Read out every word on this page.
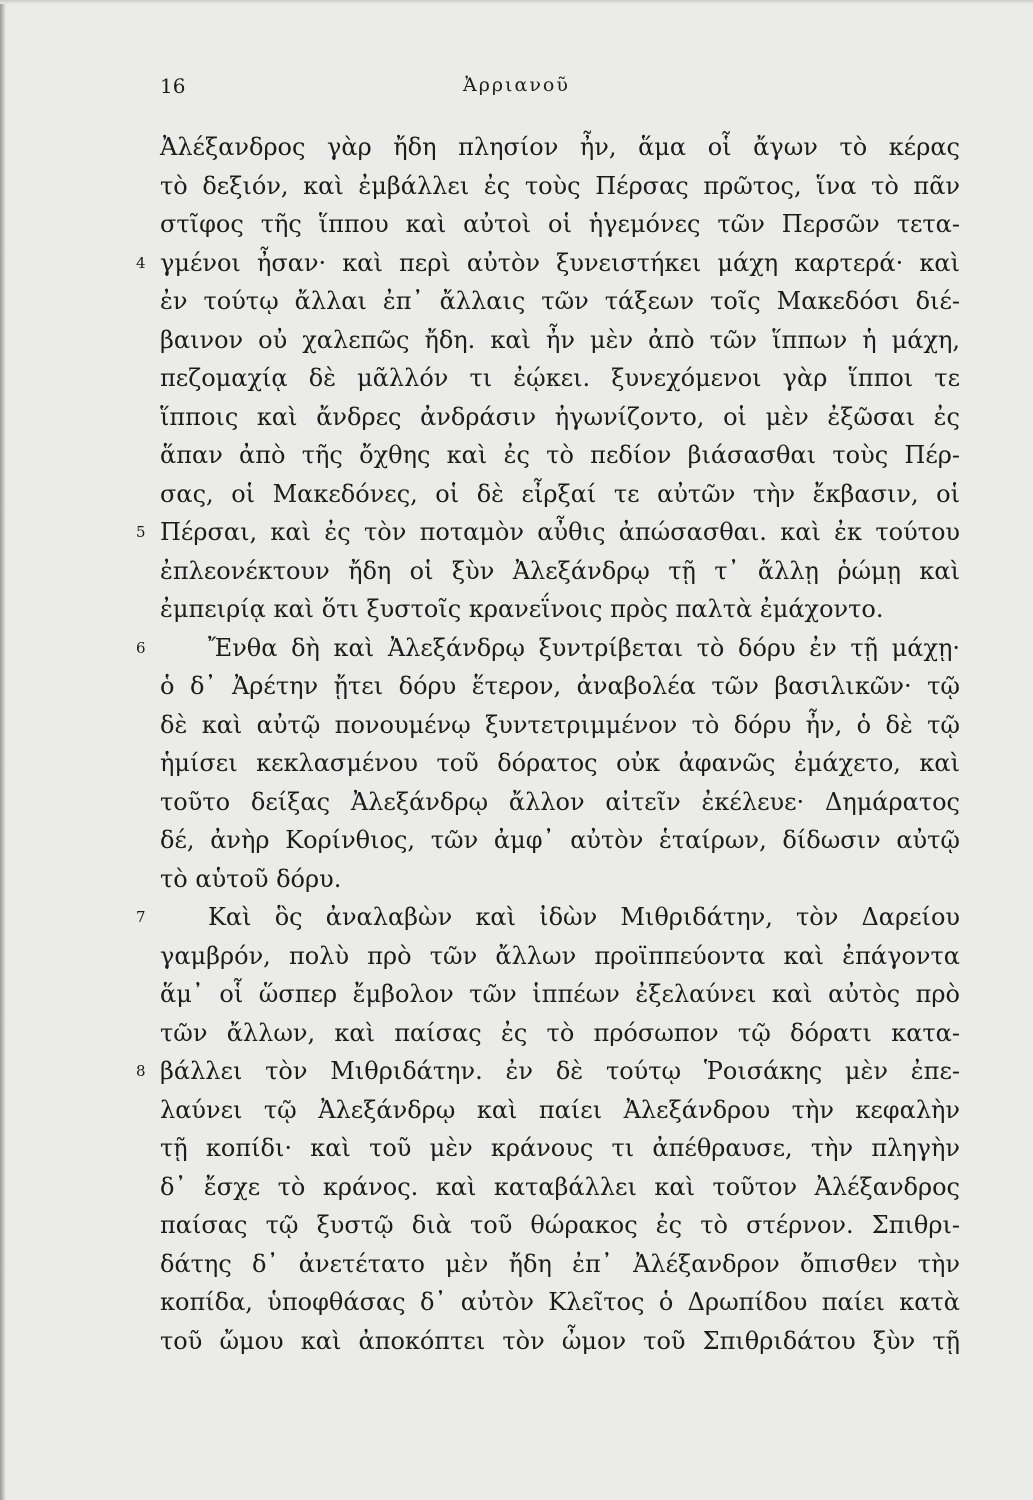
16	Ἀρριανοῦ
Ἀλέξανδρος γὰρ ἤδη πλησίον ἦν, ἅμα οἷ ἄγων τὸ κέρας
τὸ δεξιόν, καὶ ἐμβάλλει ἐς τοὺς Πέρσας πρῶτος, ἵνα τὸ πᾶν
στῖφος τῆς ἵππου καὶ αὐτοὶ οἱ ἡγεμόνες τῶν Περσῶν τετα-
4 γμένοι ἦσαν· καὶ περὶ αὐτὸν ξυνειστήκει μάχη καρτερά· καὶ
ἐν τούτῳ ἄλλαι ἐπ᾽ ἄλλαις τῶν τάξεων τοῖς Μακεδόσι διέ-
βαινον οὐ χαλεπῶς ἤδη. καὶ ἦν μὲν ἀπὸ τῶν ἵππων ἡ μάχη,
πεζομαχίᾳ δὲ μᾶλλόν τι ἐῴκει. ξυνεχόμενοι γὰρ ἵπποι τε
ἵπποις καὶ ἄνδρες ἀνδράσιν ἠγωνίζοντο, οἱ μὲν ἐξῶσαι ἐς
ἅπαν ἀπὸ τῆς ὄχθης καὶ ἐς τὸ πεδίον βιάσασθαι τοὺς Πέρ-
σας, οἱ Μακεδόνες, οἱ δὲ εἶρξαί τε αὐτῶν τὴν ἔκβασιν, οἱ
5 Πέρσαι, καὶ ἐς τὸν ποταμὸν αὖθις ἀπώσασθαι. καὶ ἐκ τούτου
ἐπλεονέκτουν ἤδη οἱ ξὺν Ἀλεξάνδρῳ τῇ τ᾽ ἄλλῃ ῥώμῃ καὶ
ἐμπειρίᾳ καὶ ὅτι ξυστοῖς κρανεΐνοις πρὸς παλτὰ ἐμάχοντο.
6	Ἔνθα δὴ καὶ Ἀλεξάνδρῳ ξυντρίβεται τὸ δόρυ ἐν τῇ μάχῃ·
ὁ δ᾽ Ἀρέτην ᾔτει δόρυ ἕτερον, ἀναβολέα τῶν βασιλικῶν· τῷ
δὲ καὶ αὐτῷ πονουμένῳ ξυντετριμμένον τὸ δόρυ ἦν, ὁ δὲ τῷ
ἡμίσει κεκλασμένου τοῦ δόρατος οὐκ ἀφανῶς ἐμάχετο, καὶ
τοῦτο δείξας Ἀλεξάνδρῳ ἄλλον αἰτεῖν ἐκέλευε· Δημάρατος
δέ, ἀνὴρ Κορίνθιος, τῶν ἀμφ᾽ αὐτὸν ἑταίρων, δίδωσιν αὐτῷ
τὸ αὑτοῦ δόρυ.
7	Καὶ ὃς ἀναλαβὼν καὶ ἰδὼν Μιθριδάτην, τὸν Δαρείου
γαμβρόν, πολὺ πρὸ τῶν ἄλλων προϊππεύοντα καὶ ἐπάγοντα
ἅμ᾽ οἷ ὥσπερ ἔμβολον τῶν ἱππέων ἐξελαύνει καὶ αὐτὸς πρὸ
τῶν ἄλλων, καὶ παίσας ἐς τὸ πρόσωπον τῷ δόρατι κατα-
8 βάλλει τὸν Μιθριδάτην. ἐν δὲ τούτῳ Ῥοισάκης μὲν ἐπε-
λαύνει τῷ Ἀλεξάνδρῳ καὶ παίει Ἀλεξάνδρου τὴν κεφαλὴν
τῇ κοπίδι· καὶ τοῦ μὲν κράνους τι ἀπέθραυσε, τὴν πληγὴν
δ᾽ ἔσχε τὸ κράνος. καὶ καταβάλλει καὶ τοῦτον Ἀλέξανδρος
παίσας τῷ ξυστῷ διὰ τοῦ θώρακος ἐς τὸ στέρνον. Σπιθρι-
δάτης δ᾽ ἀνετέτατο μὲν ἤδη ἐπ᾽ Ἀλέξανδρον ὄπισθεν τὴν
κοπίδα, ὑποφθάσας δ᾽ αὐτὸν Κλεῖτος ὁ Δρωπίδου παίει κατὰ
τοῦ ὤμου καὶ ἀποκόπτει τὸν ὦμον τοῦ Σπιθριδάτου ξὺν τῇ
